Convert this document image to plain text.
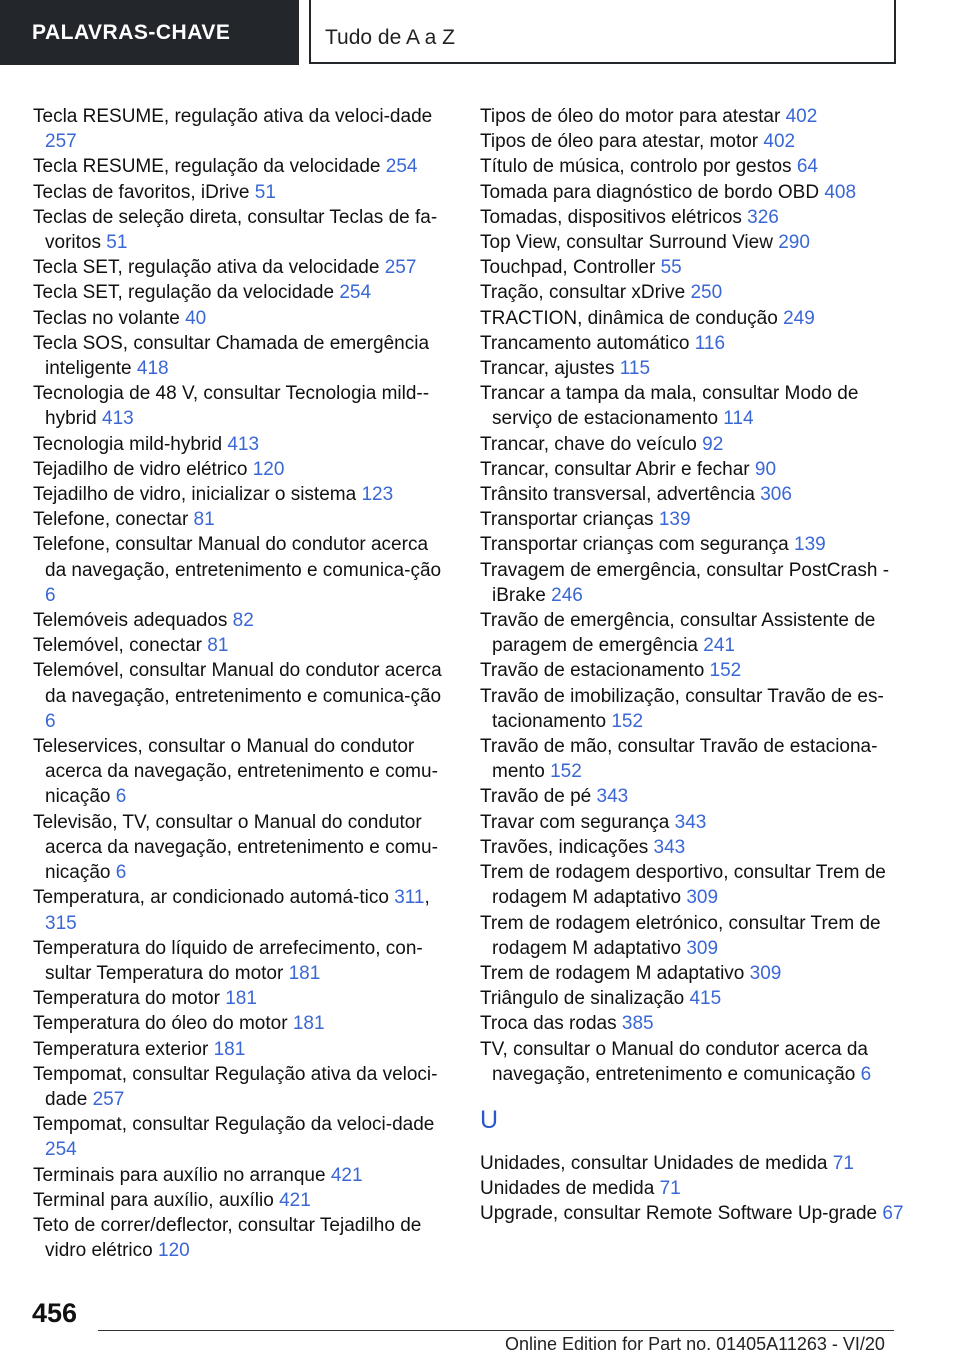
PALAVRAS-CHAVE	Tudo de A a Z

Tecla RESUME, regulação ativa da veloci‐dade 257

Tecla RESUME, regulação da velocidade 254

Teclas de favoritos, iDrive 51

Teclas de seleção direta, consultar Teclas de fa‐voritos 51

Tecla SET, regulação ativa da velocidade 257

Tecla SET, regulação da velocidade 254

Teclas no volante 40

Tecla SOS, consultar Chamada de emergência inteligente 418

Tecnologia de 48 V, consultar Tecnologia mild-‐hybrid 413

Tecnologia mild-hybrid 413

Tejadilho de vidro elétrico 120

Tejadilho de vidro, inicializar o sistema 123

Telefone, conectar 81

Telefone, consultar Manual do condutor acerca da navegação, entretenimento e comunica‐ção 6

Telemóveis adequados 82

Telemóvel, conectar 81

Telemóvel, consultar Manual do condutor acerca da navegação, entretenimento e comunica‐ção 6

Teleservices, consultar o Manual do condutor acerca da navegação, entretenimento e comu‐nicação 6

Televisão, TV, consultar o Manual do condutor acerca da navegação, entretenimento e comu‐nicação 6

Temperatura, ar condicionado automá‐tico 311, 315

Temperatura do líquido de arrefecimento, con‐sultar Temperatura do motor 181

Temperatura do motor 181

Temperatura do óleo do motor 181

Temperatura exterior 181

Tempomat, consultar Regulação ativa da veloci‐dade 257

Tempomat, consultar Regulação da veloci‐dade 254

Terminais para auxílio no arranque 421

Terminal para auxílio, auxílio 421

Teto de correr/deflector, consultar Tejadilho de vidro elétrico 120

Tipos de óleo do motor para atestar 402

Tipos de óleo para atestar, motor 402

Título de música, controlo por gestos 64

Tomada para diagnóstico de bordo OBD 408

Tomadas, dispositivos elétricos 326

Top View, consultar Surround View 290

Touchpad, Controller 55

Tração, consultar xDrive 250

TRACTION, dinâmica de condução 249

Trancamento automático 116

Trancar, ajustes 115

Trancar a tampa da mala, consultar Modo de serviço de estacionamento 114

Trancar, chave do veículo 92

Trancar, consultar Abrir e fechar 90

Trânsito transversal, advertência 306

Transportar crianças 139

Transportar crianças com segurança 139

Travagem de emergência, consultar PostCrash - iBrake 246

Travão de emergência, consultar Assistente de paragem de emergência 241

Travão de estacionamento 152

Travão de imobilização, consultar Travão de es‐tacionamento 152

Travão de mão, consultar Travão de estaciona‐mento 152

Travão de pé 343

Travar com segurança 343

Travões, indicações 343

Trem de rodagem desportivo, consultar Trem de rodagem M adaptativo 309

Trem de rodagem eletrónico, consultar Trem de rodagem M adaptativo 309

Trem de rodagem M adaptativo 309

Triângulo de sinalização 415

Troca das rodas 385

TV, consultar o Manual do condutor acerca da navegação, entretenimento e comunicação 6

U

Unidades, consultar Unidades de medida 71

Unidades de medida 71

Upgrade, consultar Remote Software Up‐grade 67

456
Online Edition for Part no. 01405A11263 - VI/20
